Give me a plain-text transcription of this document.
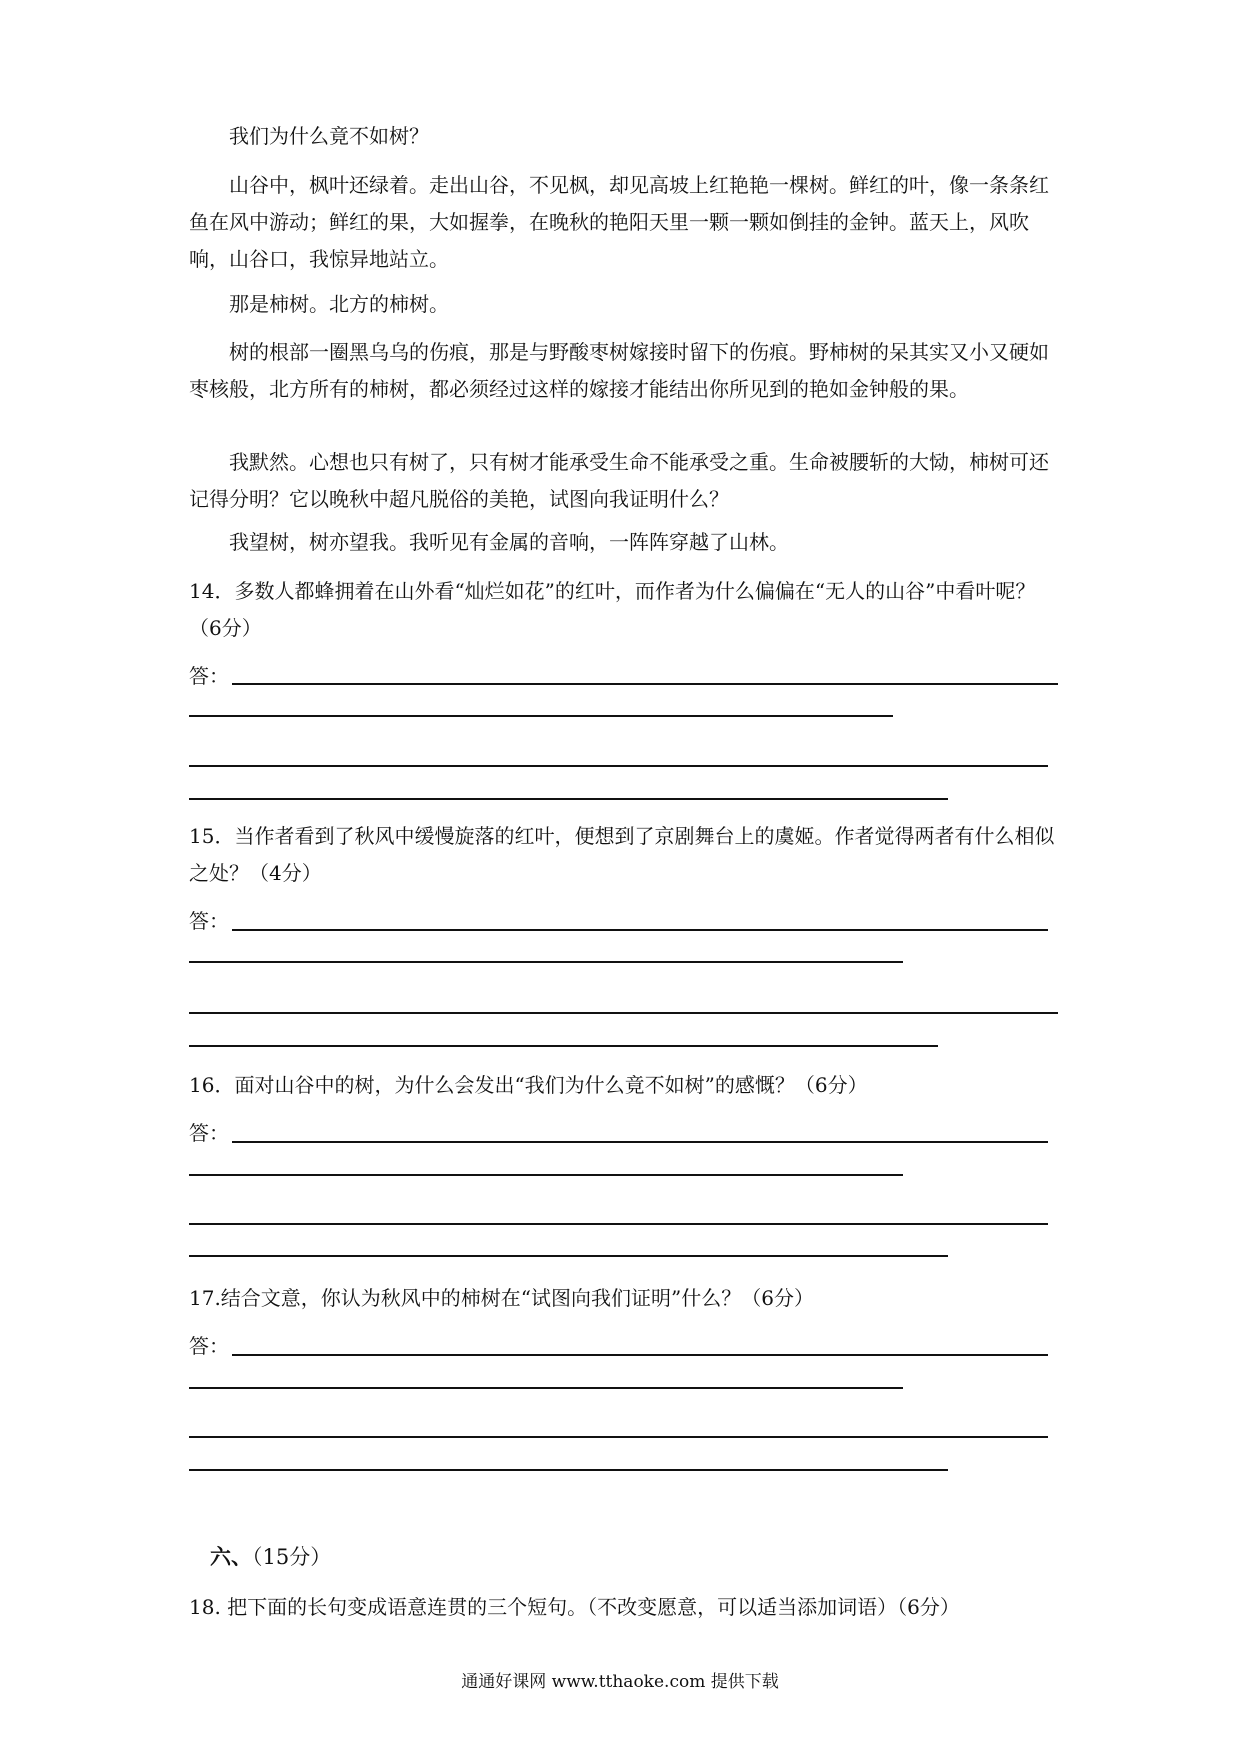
我们为什么竟不如树？

山谷中，枫叶还绿着。走出山谷，不见枫，却见高坡上红艳艳一棵树。鲜红的叶，像一条条红鱼在风中游动；鲜红的果，大如握拳，在晚秋的艳阳天里一颗一颗如倒挂的金钟。蓝天上，风吹响，山谷口，我惊异地站立。

那是柿树。北方的柿树。

树的根部一圈黑乌乌的伤痕，那是与野酸枣树嫁接时留下的伤痕。野柿树的呆其实又小又硬如枣核般，北方所有的柿树，都必须经过这样的嫁接才能结出你所见到的艳如金钟般的果。

我默然。心想也只有树了，只有树才能承受生命不能承受之重。生命被腰斩的大恸，柿树可还记得分明？它以晚秋中超凡脱俗的美艳，试图向我证明什么？

我望树，树亦望我。我听见有金属的音响，一阵阵穿越了山林。

14．多数人都蜂拥着在山外看“灿烂如花”的红叶，而作者为什么偏偏在“无人的山谷”中看叶呢？（6分）

答：

15．当作者看到了秋风中缓慢旋落的红叶，便想到了京剧舞台上的虞姬。作者觉得两者有什么相似之处？（4分）

答：

16．面对山谷中的树，为什么会发出“我们为什么竟不如树”的感慨？（6分）

答：

17.结合文意，你认为秋风中的柿树在“试图向我们证明”什么？（6分）

答：
六、（15分）

18. 把下面的长句变成语意连贯的三个短句。（不改变愿意，可以适当添加词语）（6分）

通通好课网 www.tthaoke.com 提供下载
